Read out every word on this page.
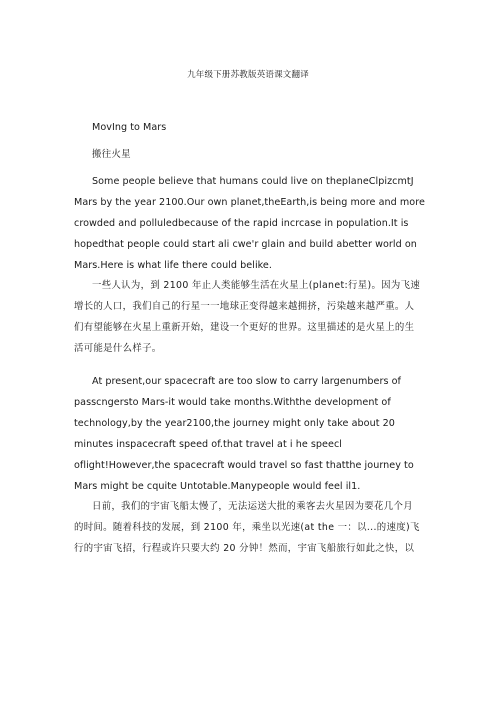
九年级下册苏教版英语课文翻译
MovIng to Mars
搬往火星
Some people believe that humans could live on theplaneClpizcmtJ
Mars by the year 2100.Our own planet,theEarth,is being more and more
crowded and polluledbecause of the rapid incrcase in population.It is
hopedthat people could start ali cwe'r glain and build abetter world on
Mars.Here is what life there could belike.
一些人认为，到 2100 年止人类能够生活在火星上(planet:行星)。因为飞速
增长的人口，我们自己的行星一一地球正变得越来越拥挤，污染越来越严重。人
们有望能够在火星上重新开始，建设一个更好的世界。这里描述的是火星上的生
活可能是什么样子。
At present,our spacecraft are too slow to carry largenumbers of
passcngersto Mars-it would take months.Withthe development of
technology,by the year2100,the journey might only take about 20
minutes inspacecraft speed of.that travel at i he speecl
oflight!However,the spacecraft would travel so fast thatthe journey to
Mars might be cquite Untotable.Manypeople would feel il1.
日前，我们的宇宙飞船太慢了，无法运送大批的乘客去火星因为要花几个月
的时间。随着科技的发展，到 2100 年，乘坐以光速(at the 一：以...的速度)飞
行的宇宙飞招，行程或许只要大约 20 分钟！然而，宇宙飞船旅行如此之快，以
